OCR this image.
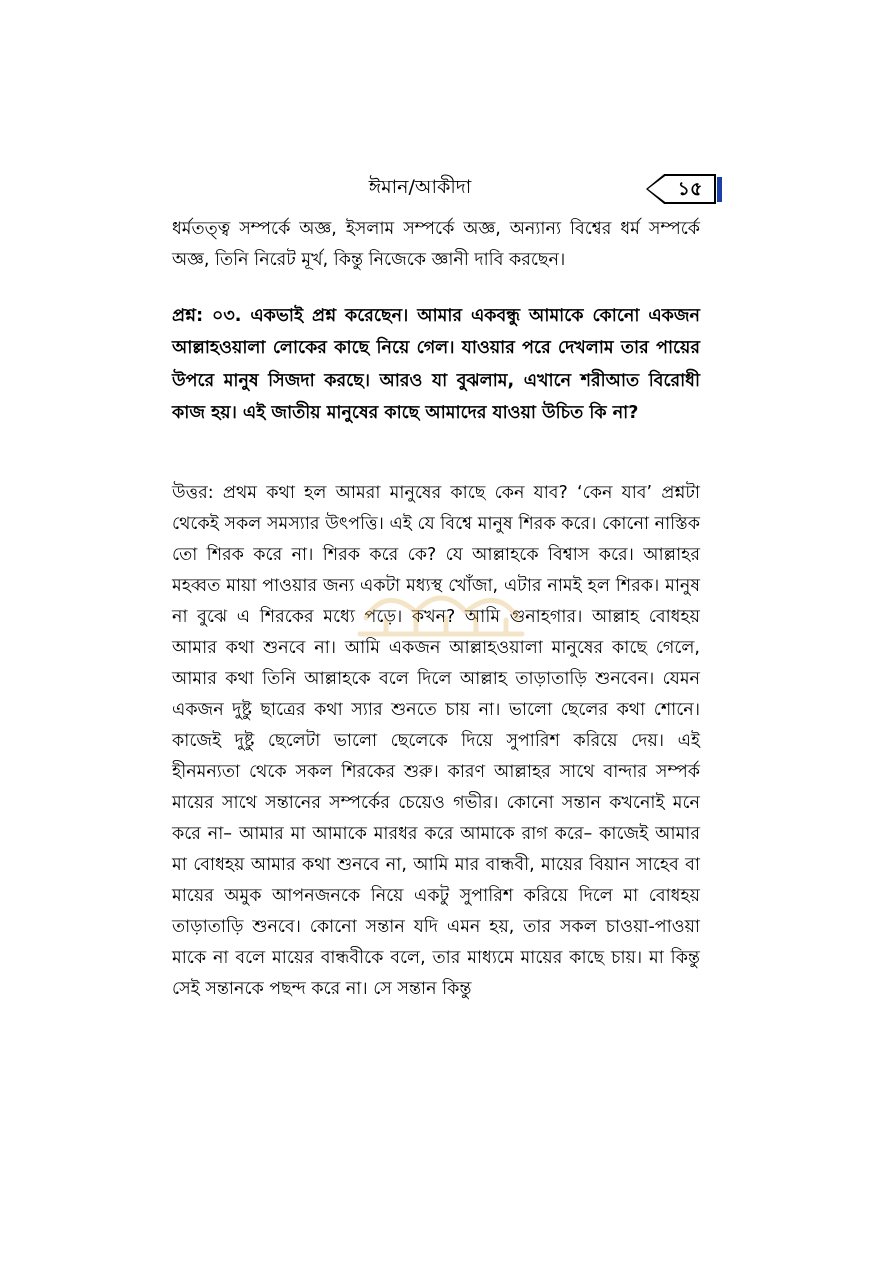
ঈমান/আকীদা	১৫

ধর্মতত্ত্ব সম্পর্কে অজ্ঞ, ইসলাম সম্পর্কে অজ্ঞ, অন্যান্য বিশ্বের ধর্ম সম্পর্কে অজ্ঞ, তিনি নিরেট মূর্খ, কিন্তু নিজেকে জ্ঞানী দাবি করছেন।

প্রশ্ন: ০৩. একভাই প্রশ্ন করেছেন। আমার একবন্ধু আমাকে কোনো একজন আল্লাহওয়ালা লোকের কাছে নিয়ে গেল। যাওয়ার পরে দেখলাম তার পায়ের উপরে মানুষ সিজদা করছে। আরও যা বুঝলাম, এখানে শরীআত বিরোধী কাজ হয়। এই জাতীয় মানুষের কাছে আমাদের যাওয়া উচিত কি না?

উত্তর: প্রথম কথা হল আমরা মানুষের কাছে কেন যাব? ‘কেন যাব’ প্রশ্নটা থেকেই সকল সমস্যার উৎপত্তি। এই যে বিশ্বে মানুষ শিরক করে। কোনো নাস্তিক তো শিরক করে না। শিরক করে কে? যে আল্লাহকে বিশ্বাস করে। আল্লাহর মহব্বত মায়া পাওয়ার জন্য একটা মধ্যস্থ খোঁজা, এটার নামই হল শিরক। মানুষ না বুঝে এ শিরকের মধ্যে পড়ে। কখন? আমি গুনাহগার। আল্লাহ বোধহয় আমার কথা শুনবে না। আমি একজন আল্লাহওয়ালা মানুষের কাছে গেলে, আমার কথা তিনি আল্লাহকে বলে দিলে আল্লাহ তাড়াতাড়ি শুনবেন। যেমন একজন দুষ্টু ছাত্রের কথা স্যার শুনতে চায় না। ভালো ছেলের কথা শোনে। কাজেই দুষ্টু ছেলেটা ভালো ছেলেকে দিয়ে সুপারিশ করিয়ে দেয়। এই হীনমন্যতা থেকে সকল শিরকের শুরু। কারণ আল্লাহর সাথে বান্দার সম্পর্ক মায়ের সাথে সন্তানের সম্পর্কের চেয়েও গভীর। কোনো সন্তান কখনোই মনে করে না– আমার মা আমাকে মারধর করে আমাকে রাগ করে– কাজেই আমার মা বোধহয় আমার কথা শুনবে না, আমি মার বান্ধবী, মায়ের বিয়ান সাহেব বা মায়ের অমুক আপনজনকে নিয়ে একটু সুপারিশ করিয়ে দিলে মা বোধহয় তাড়াতাড়ি শুনবে। কোনো সন্তান যদি এমন হয়, তার সকল চাওয়া-পাওয়া মাকে না বলে মায়ের বান্ধবীকে বলে, তার মাধ্যমে মায়ের কাছে চায়। মা কিন্তু সেই সন্তানকে পছন্দ করে না। সে সন্তান কিন্তু
